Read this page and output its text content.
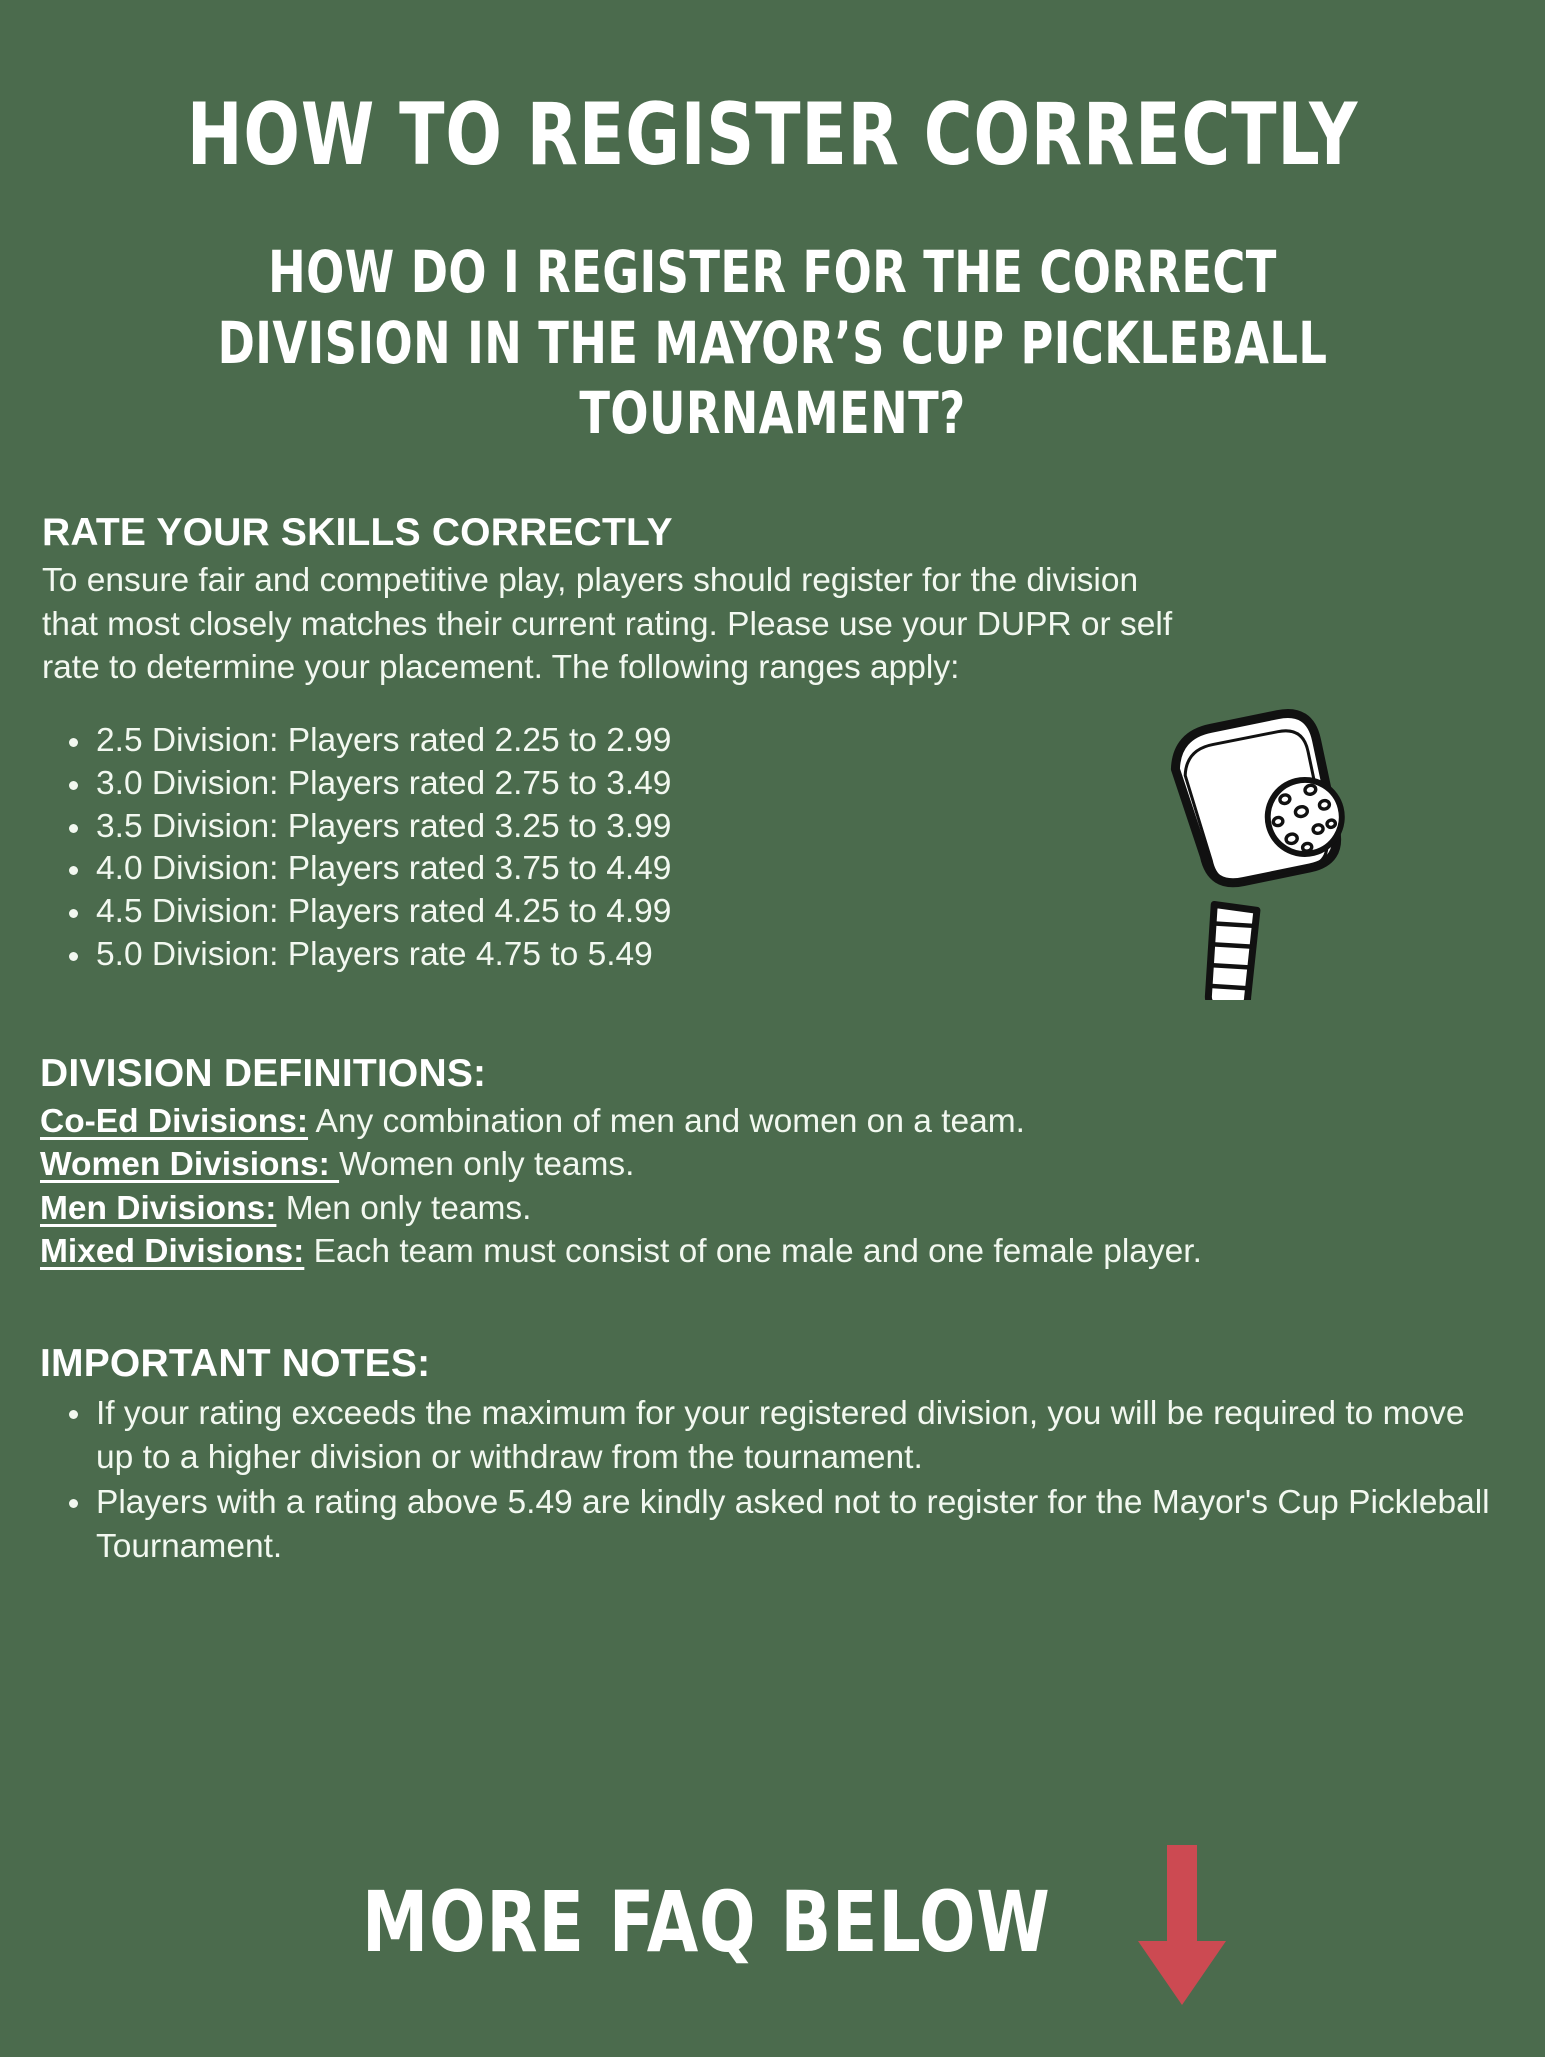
HOW TO REGISTER CORRECTLY
HOW DO I REGISTER FOR THE CORRECT DIVISION IN THE MAYOR’S CUP PICKLEBALL TOURNAMENT?
RATE YOUR SKILLS CORRECTLY

To ensure fair and competitive play, players should register for the division that most closely matches their current rating. Please use your DUPR or self rate to determine your placement. The following ranges apply:

2.5 Division: Players rated 2.25 to 2.99
3.0 Division: Players rated 2.75 to 3.49
3.5 Division: Players rated 3.25 to 3.99
4.0 Division: Players rated 3.75 to 4.49
4.5 Division: Players rated 4.25 to 4.99
5.0 Division: Players rate 4.75 to 5.49
DIVISION DEFINITIONS:

Co-Ed Divisions: Any combination of men and women on a team.

Women Divisions: Women only teams.

Men Divisions: Men only teams.

Mixed Divisions: Each team must consist of one male and one female player.

IMPORTANT NOTES:
If your rating exceeds the maximum for your registered division, you will be required to move up to a higher division or withdraw from the tournament.
Players with a rating above 5.49 are kindly asked not to register for the Mayor's Cup Pickleball Tournament.
MORE FAQ BELOW
